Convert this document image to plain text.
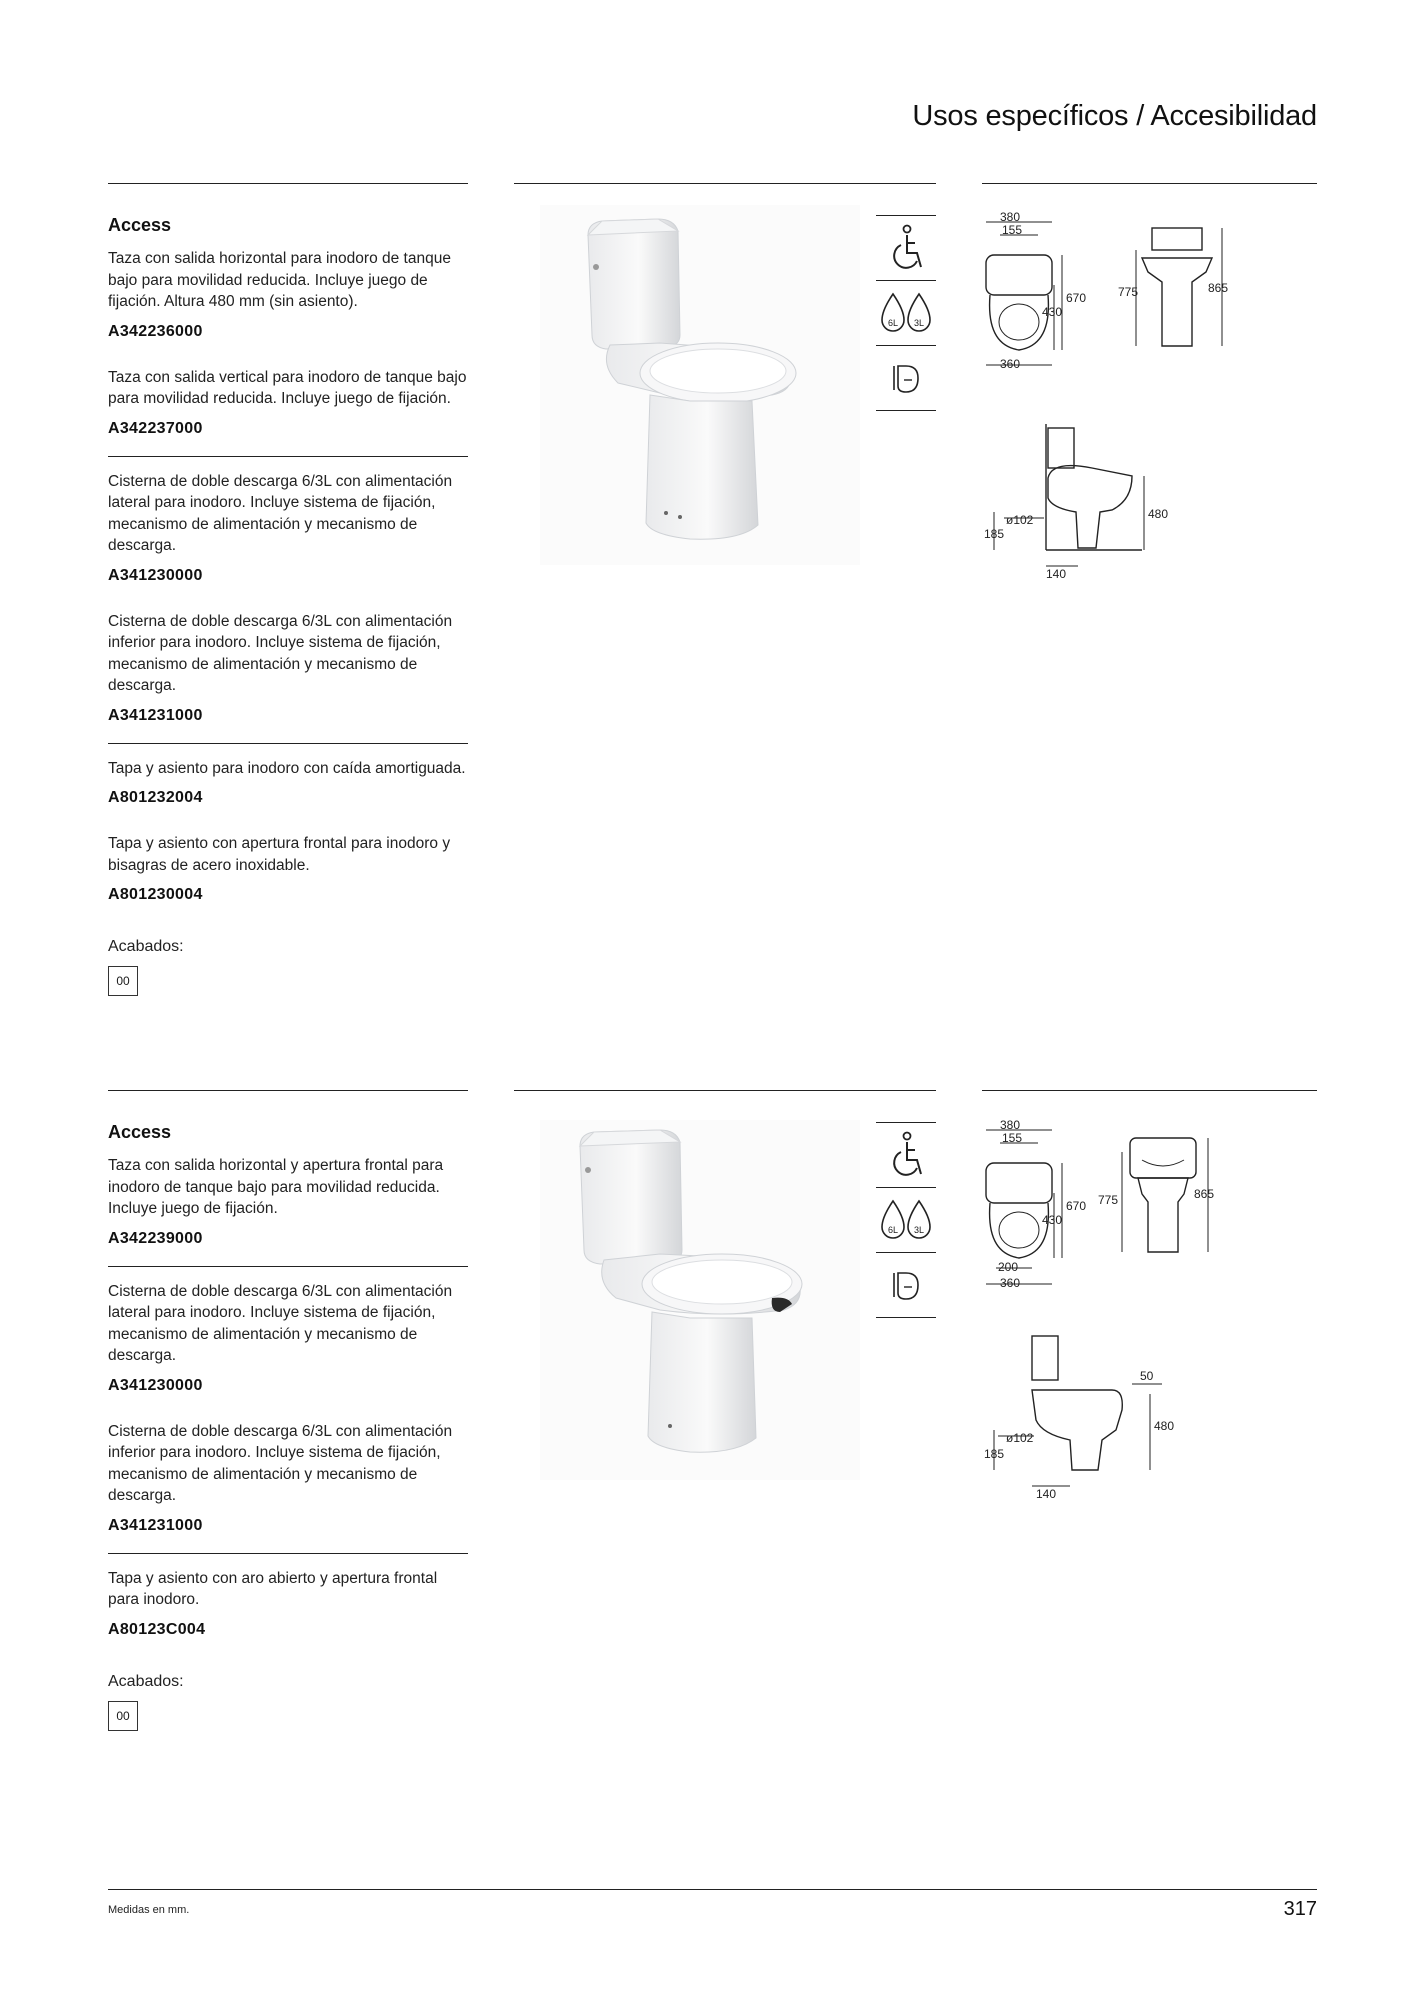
Usos específicos / Accesibilidad
Access
Taza con salida horizontal para inodoro de tanque bajo para movilidad reducida. Incluye juego de fijación. Altura 480 mm (sin asiento).
A342236000
Taza con salida vertical para inodoro de tanque bajo para movilidad reducida. Incluye juego de fijación.
A342237000
Cisterna de doble descarga 6/3L con alimentación lateral para inodoro. Incluye sistema de fijación, mecanismo de alimentación y mecanismo de descarga.
A341230000
Cisterna de doble descarga 6/3L con alimentación inferior para inodoro. Incluye sistema de fijación, mecanismo de alimentación y mecanismo de descarga.
A341231000
Tapa y asiento para inodoro con caída amortiguada.
A801232004
Tapa y asiento con apertura frontal para inodoro y bisagras de acero inoxidable.
A801230004
Acabados:
00
6L 3L
380
155
670
430
360
775	865
ø102
185
480
140
Access
Taza con salida horizontal y apertura frontal para inodoro de tanque bajo para movilidad reducida. Incluye juego de fijación.
A342239000
Cisterna de doble descarga 6/3L con alimentación lateral para inodoro. Incluye sistema de fijación, mecanismo de alimentación y mecanismo de descarga.
A341230000
Cisterna de doble descarga 6/3L con alimentación inferior para inodoro. Incluye sistema de fijación, mecanismo de alimentación y mecanismo de descarga.
A341231000
Tapa y asiento con aro abierto y apertura frontal para inodoro.
A80123C004
Acabados:
00
6L 3L
380
155
670
430
200
360
775	865
50
ø102
185
480
140
Medidas en mm.	317
